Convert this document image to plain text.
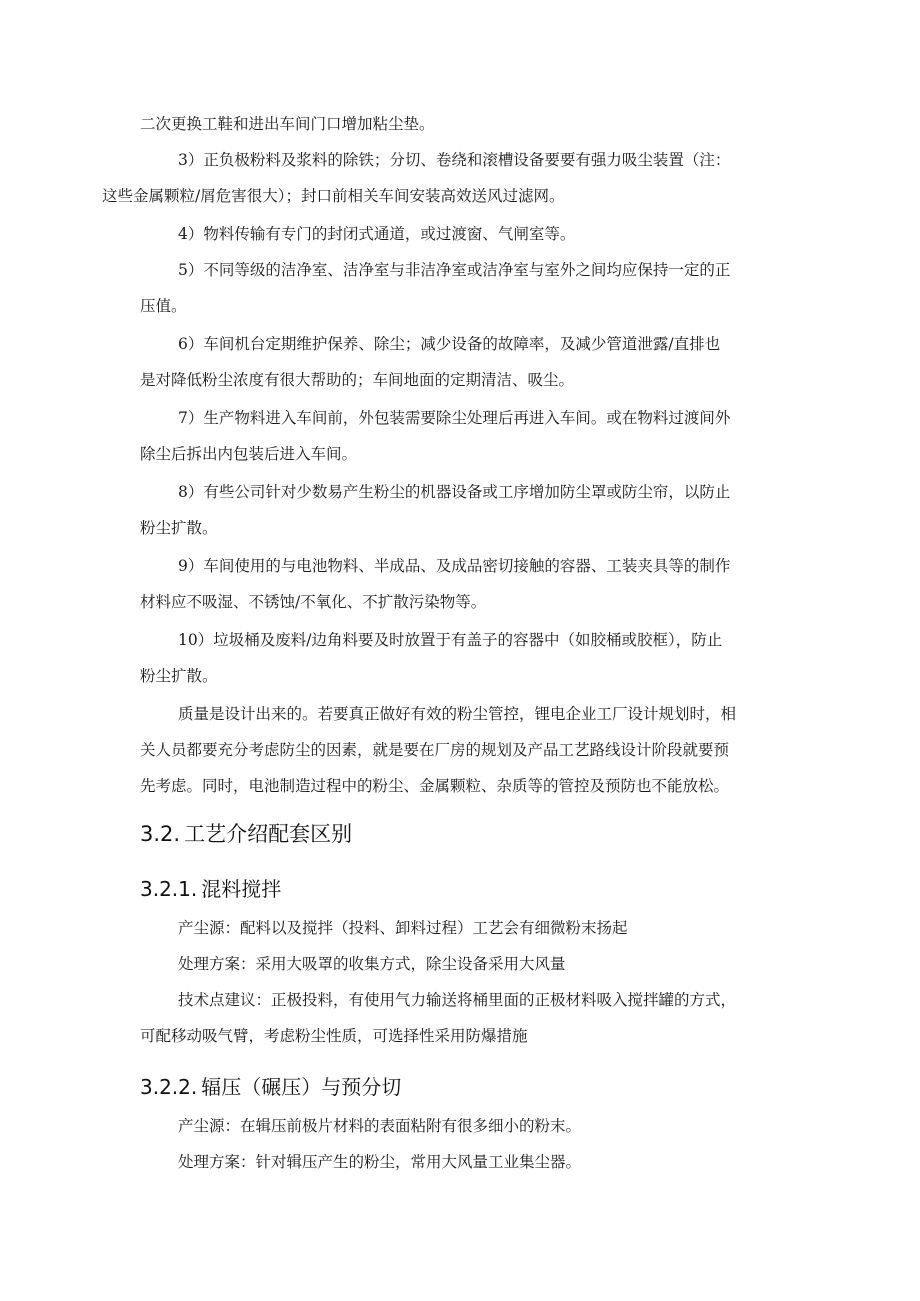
二次更换工鞋和进出车间门口增加粘尘垫。

3）正负极粉料及浆料的除铁；分切、卷绕和滚槽设备要要有强力吸尘装置（注：
这些金属颗粒/屑危害很大）；封口前相关车间安装高效送风过滤网。

4）物料传输有专门的封闭式通道，或过渡窗、气闸室等。

5）不同等级的洁净室、洁净室与非洁净室或洁净室与室外之间均应保持一定的正
压值。

6）车间机台定期维护保养、除尘；减少设备的故障率，及减少管道泄露/直排也
是对降低粉尘浓度有很大帮助的；车间地面的定期清洁、吸尘。

7）生产物料进入车间前，外包装需要除尘处理后再进入车间。或在物料过渡间外
除尘后拆出内包装后进入车间。

8）有些公司针对少数易产生粉尘的机器设备或工序增加防尘罩或防尘帘，以防止
粉尘扩散。

9）车间使用的与电池物料、半成品、及成品密切接触的容器、工装夹具等的制作
材料应不吸湿、不锈蚀/不氧化、不扩散污染物等。

10）垃圾桶及废料/边角料要及时放置于有盖子的容器中（如胶桶或胶框），防止
粉尘扩散。

质量是设计出来的。若要真正做好有效的粉尘管控，锂电企业工厂设计规划时，相
关人员都要充分考虑防尘的因素，就是要在厂房的规划及产品工艺路线设计阶段就要预
先考虑。同时，电池制造过程中的粉尘、金属颗粒、杂质等的管控及预防也不能放松。

3.2. 工艺介绍配套区别
3.2.1. 混料搅拌

产尘源：配料以及搅拌（投料、卸料过程）工艺会有细微粉末扬起

处理方案：采用大吸罩的收集方式，除尘设备采用大风量

技术点建议：正极投料，有使用气力输送将桶里面的正极材料吸入搅拌罐的方式，
可配移动吸气臂，考虑粉尘性质，可选择性采用防爆措施

3.2.2. 辐压（碾压）与预分切

产尘源：在辑压前极片材料的表面粘附有很多细小的粉末。

处理方案：针对辑压产生的粉尘，常用大风量工业集尘器。
